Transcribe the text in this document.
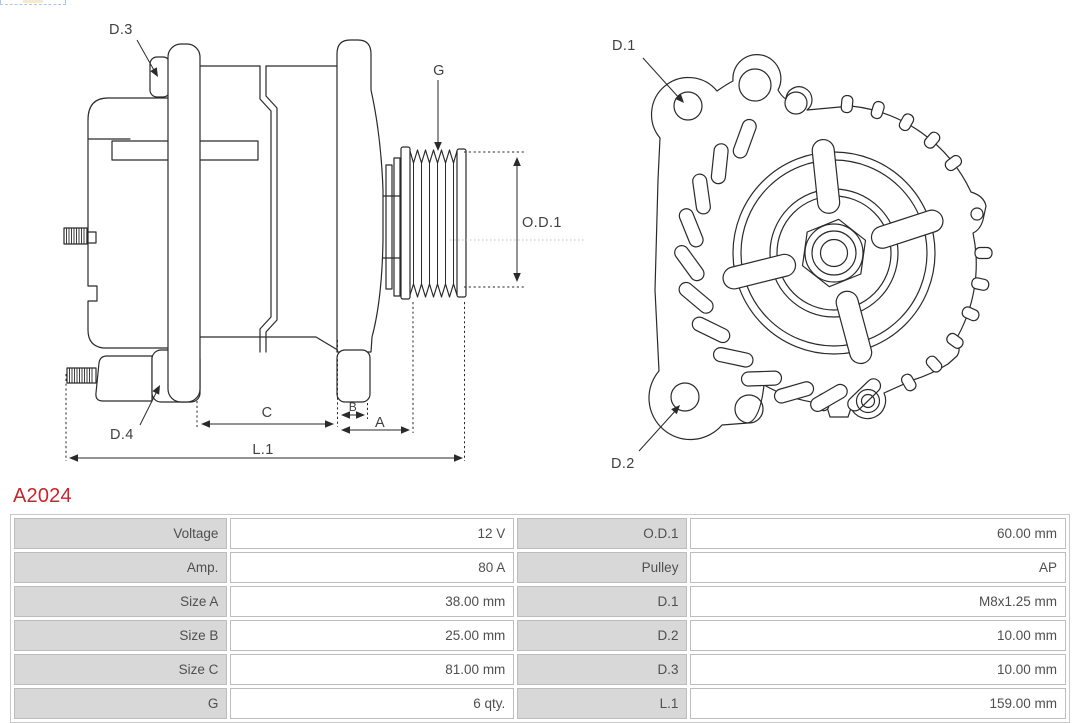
D.3
G
O.D.1
D.4
C	B
A
L.1
D.1
D.2
A2024
Voltage	12 V	O.D.1	60.00 mm
Amp.	80 A	Pulley	AP
Size A	38.00 mm	D.1	M8x1.25 mm
Size B	25.00 mm	D.2	10.00 mm
Size C	81.00 mm	D.3	10.00 mm
G	6 qty.	L.1	159.00 mm
